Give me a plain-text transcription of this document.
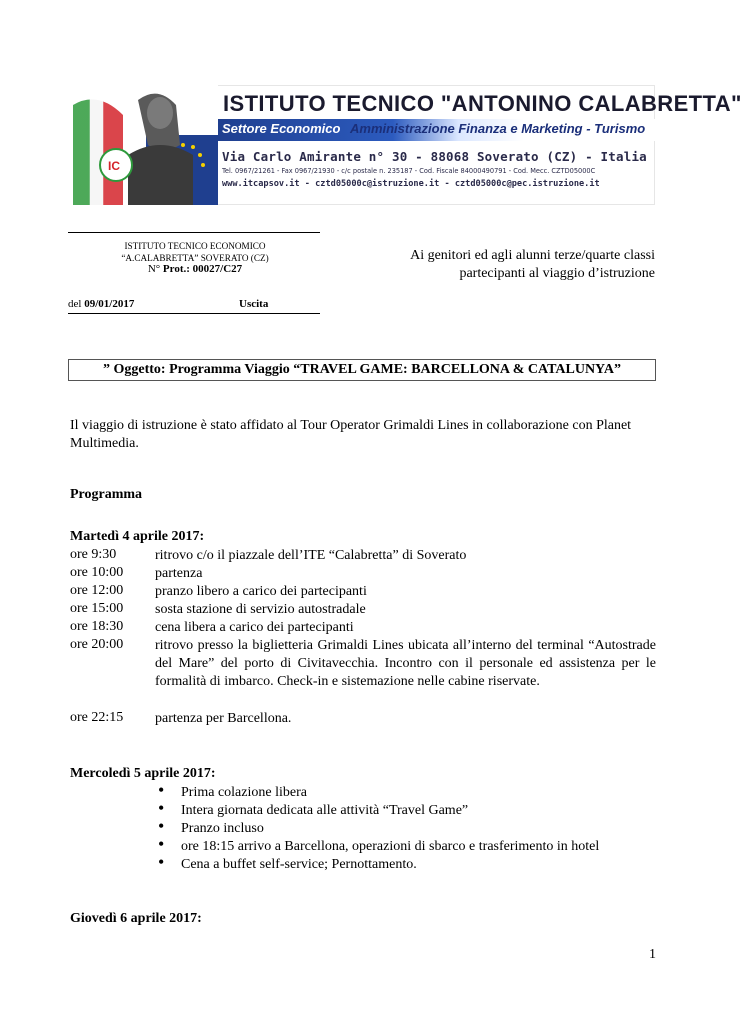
IC
ISTITUTO TECNICO "ANTONINO CALABRETTA"
Settore Economico Amministrazione Finanza e Marketing - Turismo
Via Carlo Amirante n° 30 - 88068 Soverato (CZ) - Italia
Tel. 0967/21261 - Fax 0967/21930 - c/c postale n. 235187 - Cod. Fiscale 84000490791 - Cod. Mecc. CZTD05000C
www.itcapsov.it - cztd05000c@istruzione.it - cztd05000c@pec.istruzione.it
ISTITUTO TECNICO ECONOMICO
“A.CALABRETTA” SOVERATO (CZ)
N° Prot.: 00027/C27
del 09/01/2017	Uscita
Ai genitori ed agli alunni terze/quarte classi
partecipanti al viaggio d’istruzione
” Oggetto: Programma Viaggio “TRAVEL GAME: BARCELLONA & CATALUNYA”
Il viaggio di istruzione è stato affidato al Tour Operator Grimaldi Lines in collaborazione con Planet Multimedia.
Programma
Martedì 4 aprile 2017:
ore 9:30	ritrovo c/o il piazzale dell’ITE “Calabretta” di Soverato
ore 10:00 partenza
ore 12:00 pranzo libero a carico dei partecipanti
ore 15:00 sosta stazione di servizio autostradale
ore 18:30 cena libera a carico dei partecipanti
ore 20:00 ritrovo presso la biglietteria Grimaldi Lines ubicata all’interno del terminal “Autostrade del Mare” del porto di Civitavecchia. Incontro con il personale ed assistenza per le formalità di imbarco. Check-in e sistemazione nelle cabine riservate.
ore 22:15 partenza per Barcellona.
Mercoledì 5 aprile 2017:
• Prima colazione libera
• Intera giornata dedicata alle attività “Travel Game”
• Pranzo incluso
• ore 18:15 arrivo a Barcellona, operazioni di sbarco e trasferimento in hotel
• Cena a buffet self-service; Pernottamento.
Giovedì 6 aprile 2017:
1
